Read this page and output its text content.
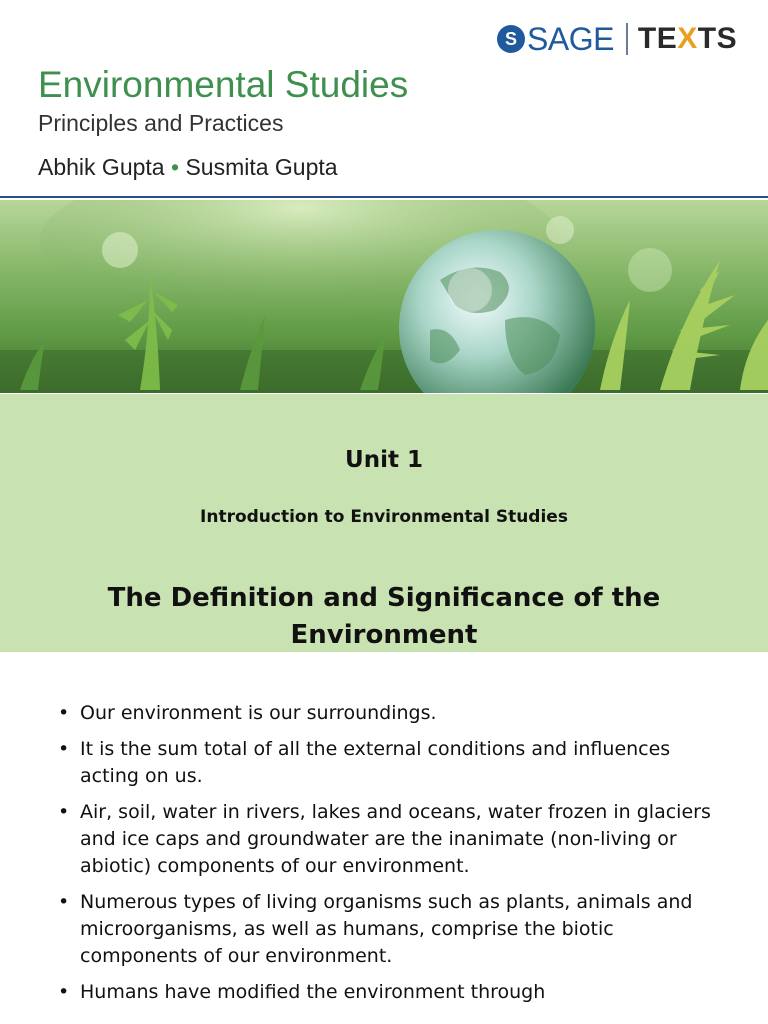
S SAGE TEXTS
Environmental Studies
Principles and Practices
Abhik Gupta • Susmita Gupta
Unit 1
Introduction to Environmental Studies
The Definition and Significance of the Environment
• Our environment is our surroundings.
• It is the sum total of all the external conditions and influences acting on us.
• Air, soil, water in rivers, lakes and oceans, water frozen in glaciers and ice caps and groundwater are the inanimate (non-living or abiotic) components of our environment.
• Numerous types of living organisms such as plants, animals and microorganisms, as well as humans, comprise the biotic components of our environment.
• Humans have modified the environment through
